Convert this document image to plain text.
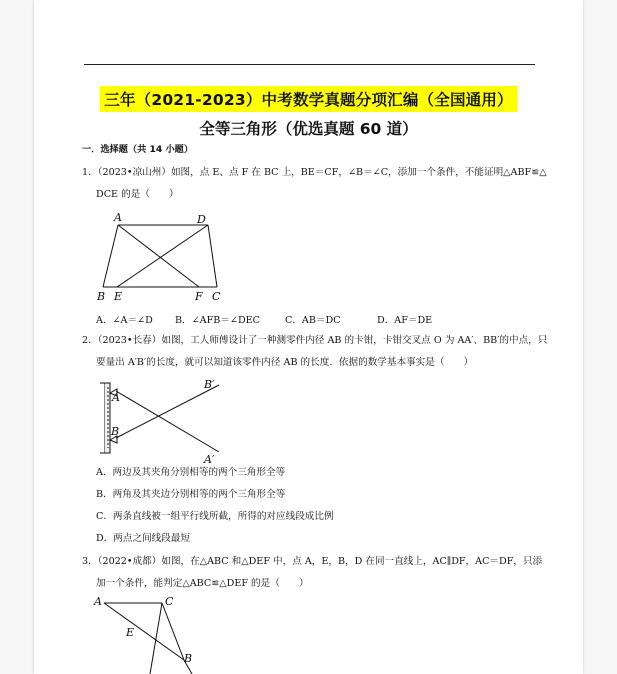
三年（2021-2023）中考数学真题分项汇编（全国通用）
全等三角形（优选真题 60 道）
一．选择题（共 14 小题）
1．（2023•凉山州）如图，点 E、点 F 在 BC 上，BE＝CF，∠B＝∠C，添加一个条件，不能证明△ABF≌△
DCE 的是（　　）
A	D
B E	F C
A
B
B′
A′
A	C
E
B
A．∠A＝∠D B．∠AFB＝∠DEC	C．AB＝DC	D．AF＝DE
2．（2023•长春）如图，工人师傅设计了一种测零件内径 AB 的卡钳，卡钳交叉点 O 为 AA′、BB′的中点，只
要量出 A′B′的长度，就可以知道该零件内径 AB 的长度．依据的数学基本事实是（　　）
A．两边及其夹角分别相等的两个三角形全等
B．两角及其夹边分别相等的两个三角形全等
C．两条直线被一组平行线所截，所得的对应线段成比例
D．两点之间线段最短
3．（2022•成都）如图，在△ABC 和△DEF 中，点 A，E，B，D 在同一直线上，AC∥DF，AC＝DF，只添
加一个条件，能判定△ABC≌△DEF 的是（　　）
